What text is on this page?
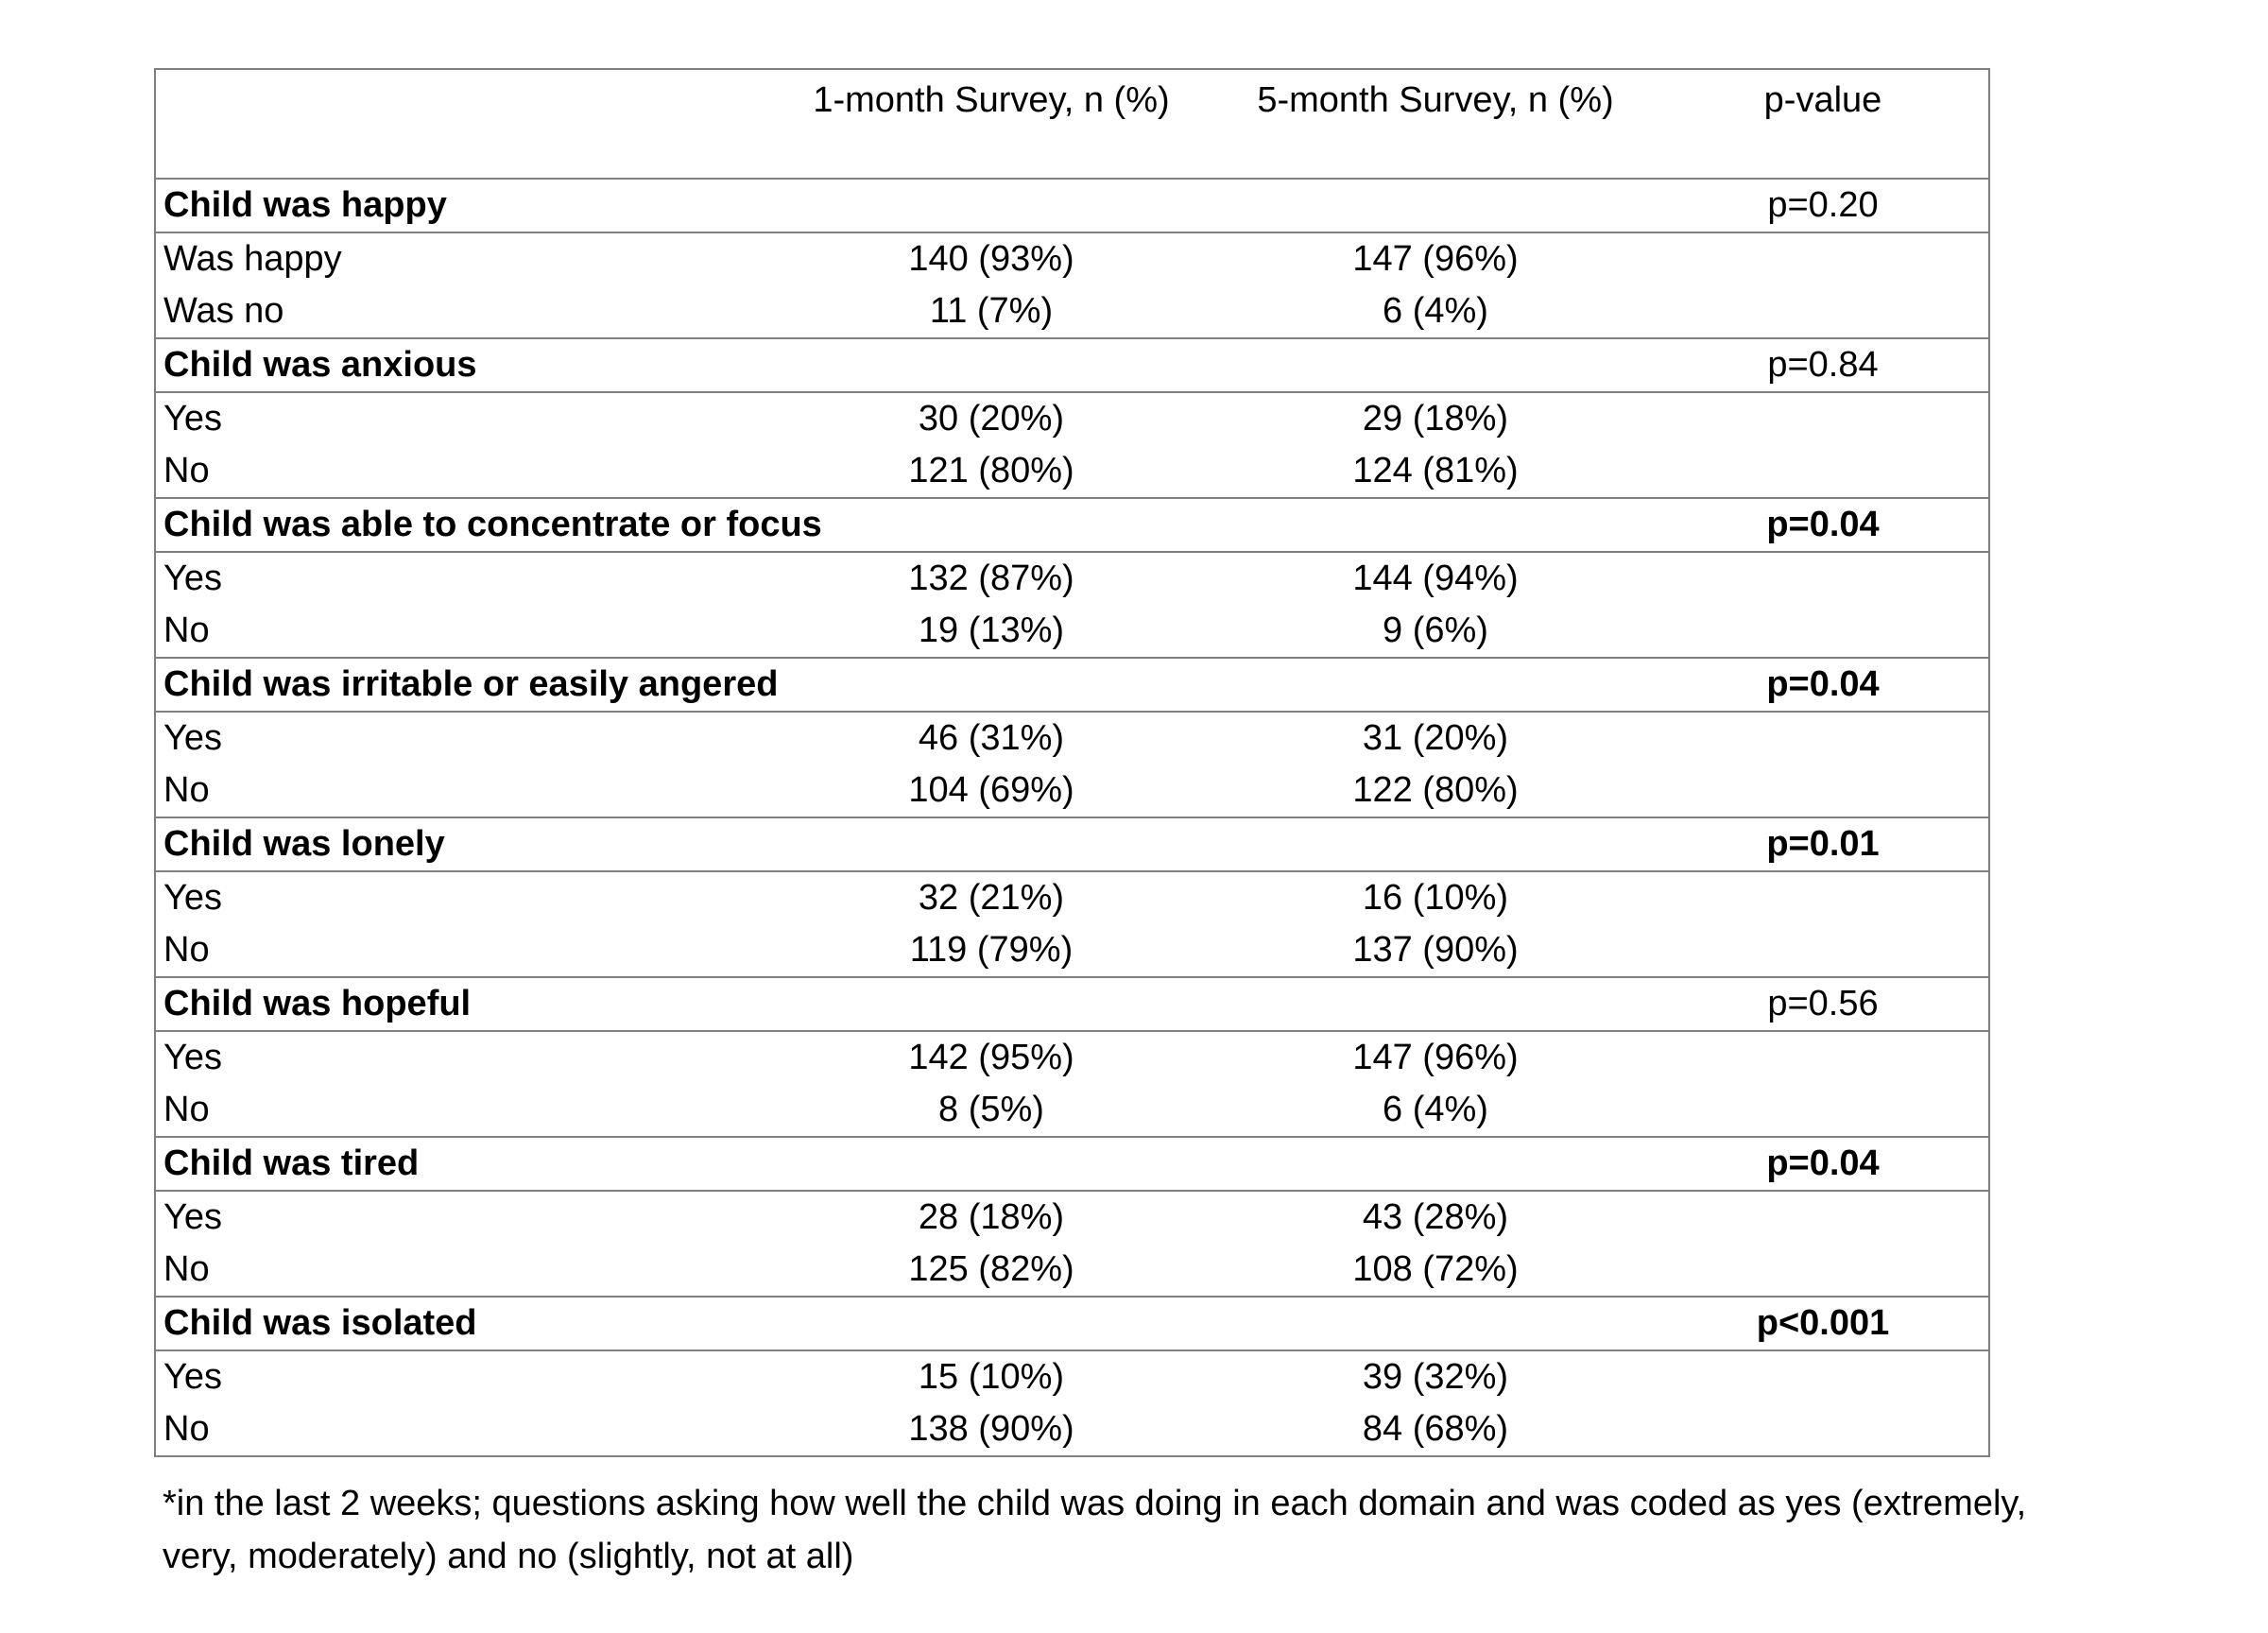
	1-month Survey, n (%)	5-month Survey, n (%)	p-value
Child was happy			p=0.20
Was happy	140 (93%)	147 (96%)	
Was no	11 (7%)	6 (4%)	
Child was anxious			p=0.84
Yes	30 (20%)	29 (18%)	
No	121 (80%)	124 (81%)	
Child was able to concentrate or focus			p=0.04
Yes	132 (87%)	144 (94%)	
No	19 (13%)	9 (6%)	
Child was irritable or easily angered			p=0.04
Yes	46 (31%)	31 (20%)	
No	104 (69%)	122 (80%)	
Child was lonely			p=0.01
Yes	32 (21%)	16 (10%)	
No	119 (79%)	137 (90%)	
Child was hopeful			p=0.56
Yes	142 (95%)	147 (96%)	
No	8 (5%)	6 (4%)	
Child was tired			p=0.04
Yes	28 (18%)	43 (28%)	
No	125 (82%)	108 (72%)	
Child was isolated			p<0.001
Yes	15 (10%)	39 (32%)	
No	138 (90%)	84 (68%)	
*in the last 2 weeks; questions asking how well the child was doing in each domain and was coded as yes (extremely, very, moderately) and no (slightly, not at all)
